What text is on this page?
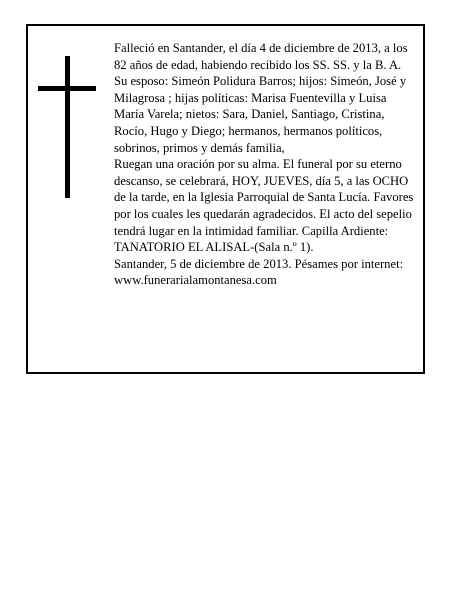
Falleció en Santander, el día 4 de diciembre de 2013, a los 82 años de edad, habiendo recibido los SS. SS. y la B. A.

Su esposo: Simeón Polidura Barros; hijos: Simeón, José y Milagrosa ; hijas políticas: Marisa Fuentevilla y Luisa María Varela; nietos: Sara, Daniel, Santiago, Cristina, Rocío, Hugo y Diego; hermanos, hermanos políticos, sobrinos, primos y demás familia,

Ruegan una oración por su alma. El funeral por su eterno descanso, se celebrará, HOY, JUEVES, día 5, a las OCHO de la tarde, en la Iglesia Parroquial de Santa Lucía. Favores por los cuales les quedarán agradecidos. El acto del sepelio tendrá lugar en la intimidad familiar. Capilla Ardiente: TANATORIO EL ALISAL-(Sala n.º 1).

Santander, 5 de diciembre de 2013. Pésames por internet: www.funerarialamontanesa.com
